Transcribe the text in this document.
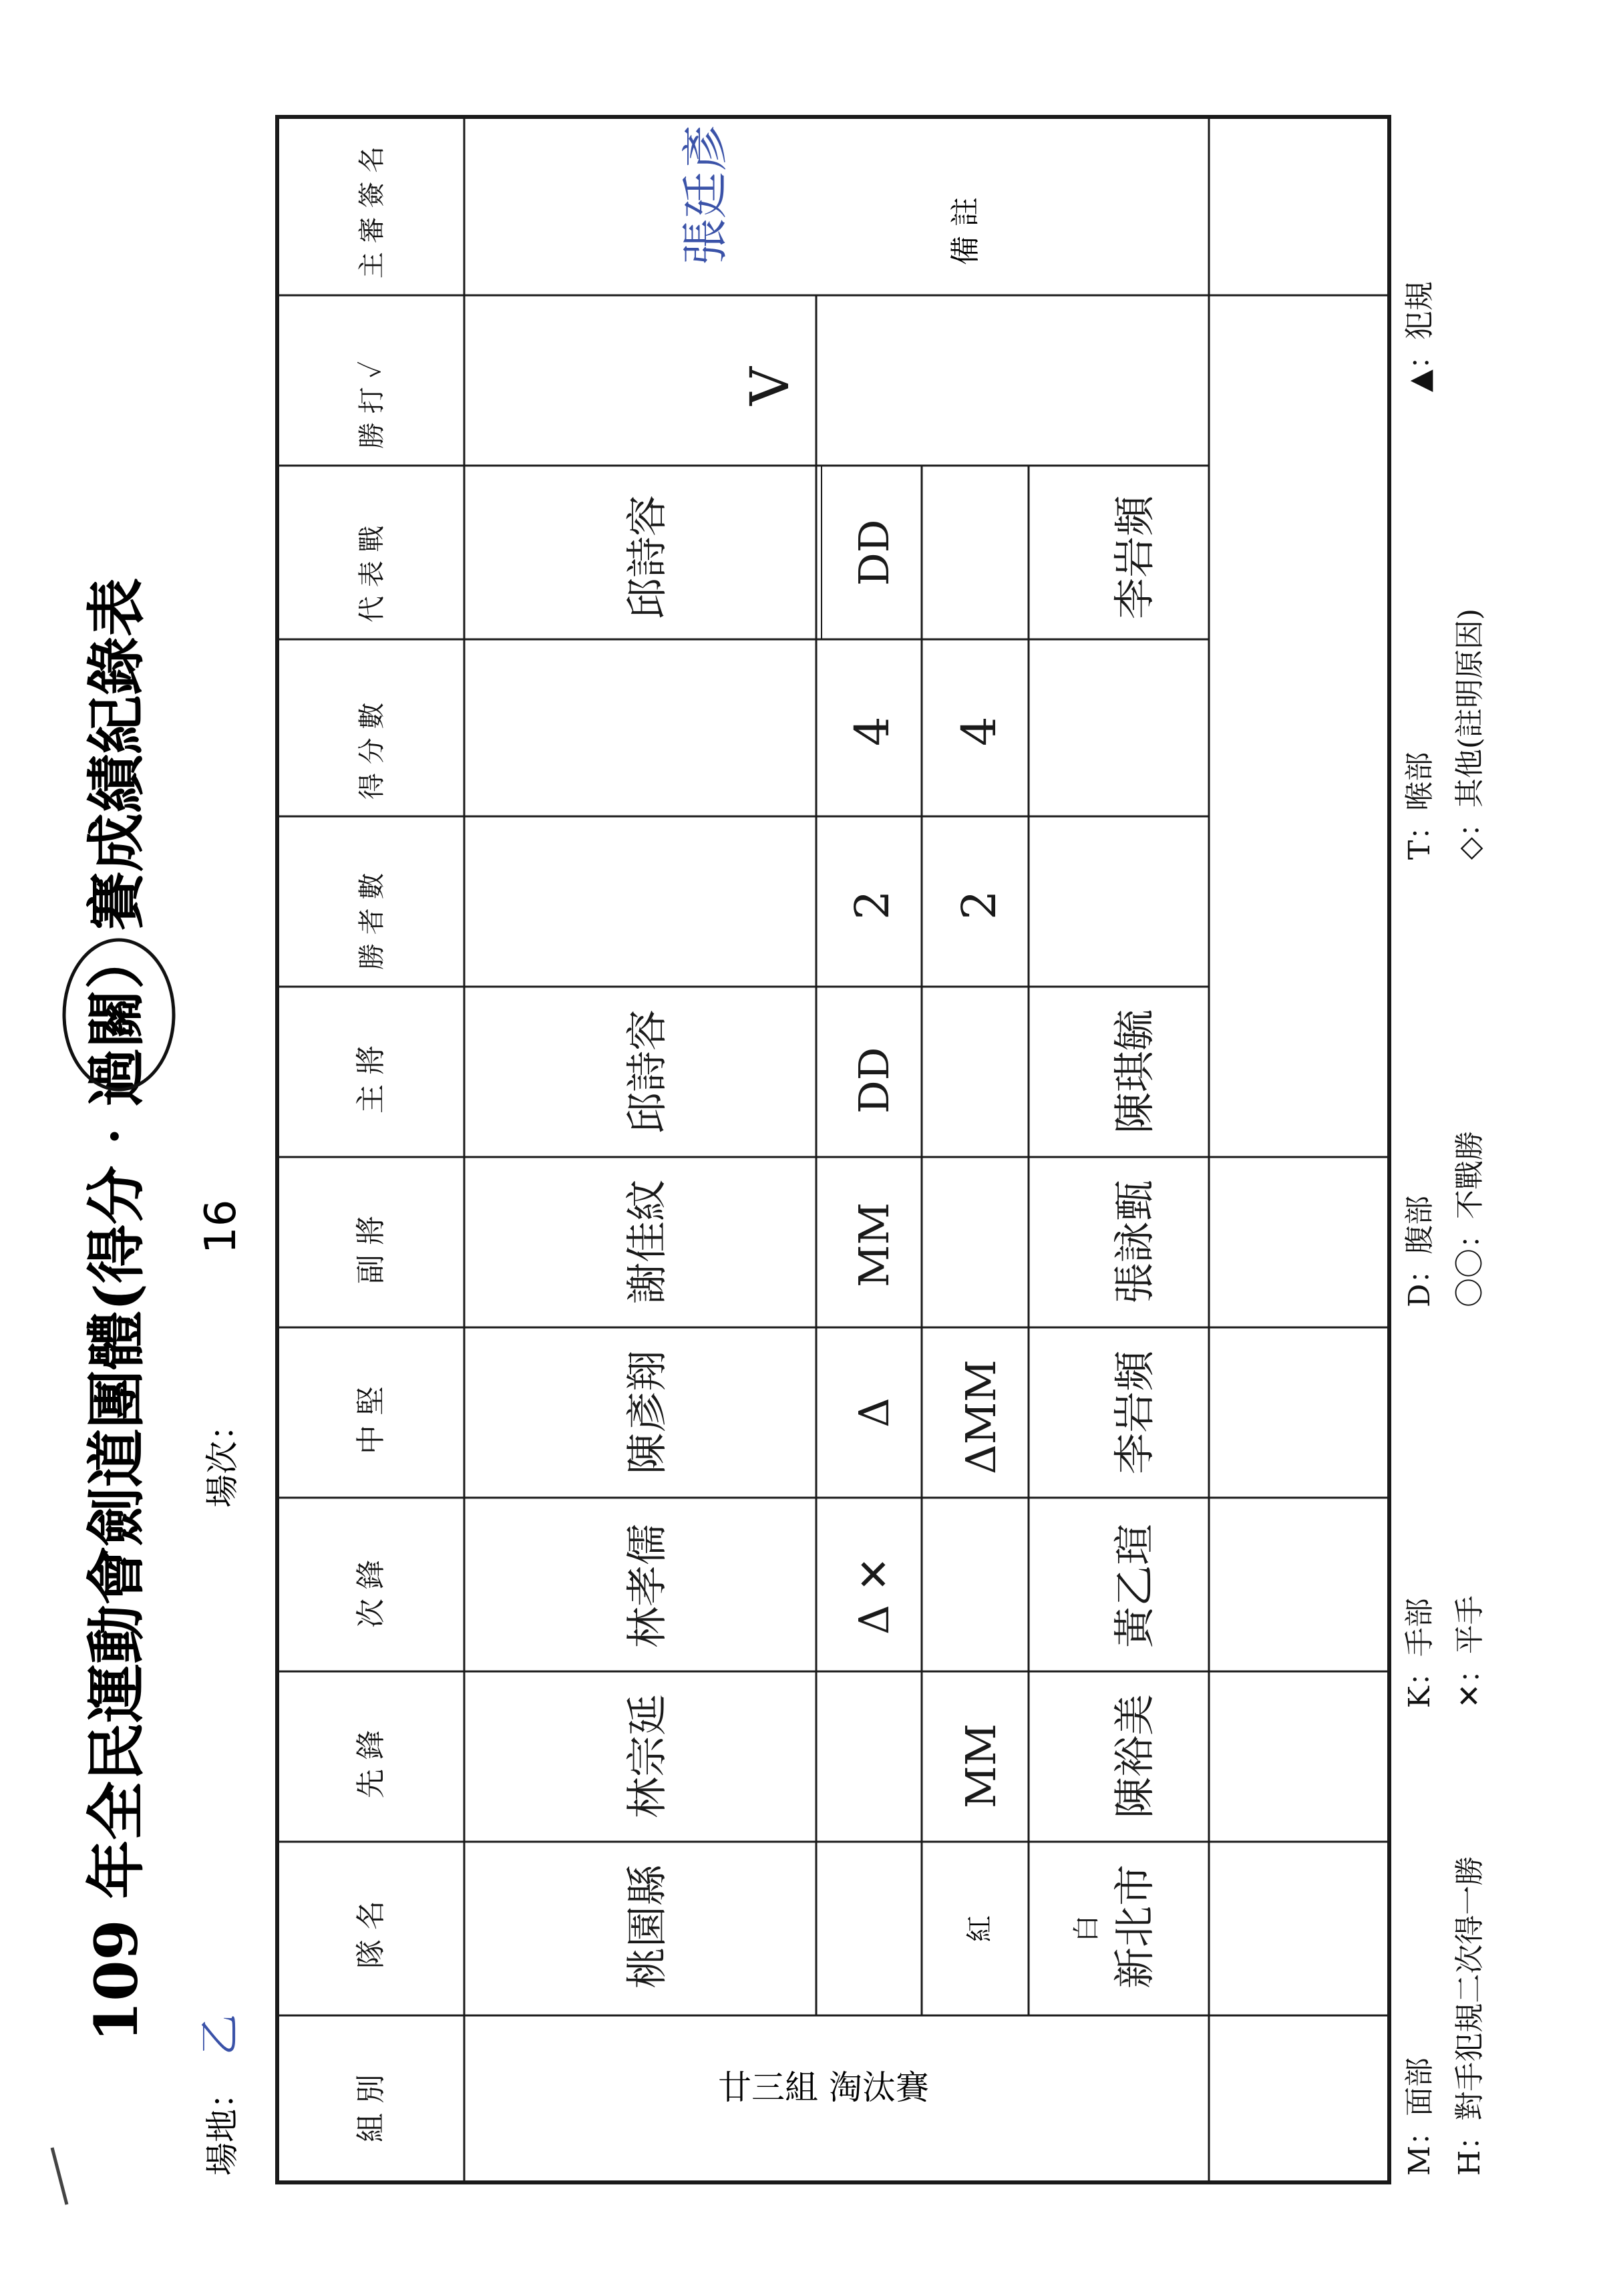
109 年全民運動會劍道團體(得分‧過關）賽成績紀錄表
場地：
乙
場次：
16
組 別
隊 名
先 鋒
次 鋒
中 堅
副 將
主 將
勝 者 數
得 分 數
代 表 戰
勝 打 ✓
主 審 簽 名
廿三組 淘汰賽
桃園縣
林宗延
林孝儒
陳彥翔
謝佳紋
邱詩容
邱詩容
紅
Δ ✕
Δ
MM
DD
2
4
DD
V
MM
ΔMM
2
4
白 新北市
陳裕美
黃乙瑄
李岩頻
張詠甄
陳琪毓
李岩頻
備 註
張廷彥
M：面部
K：手部
D：腹部
T：喉部
▲：犯規
H：對手犯規二次得一勝
✕：平手
〇〇：不戰勝
◇：其他(註明原因)
